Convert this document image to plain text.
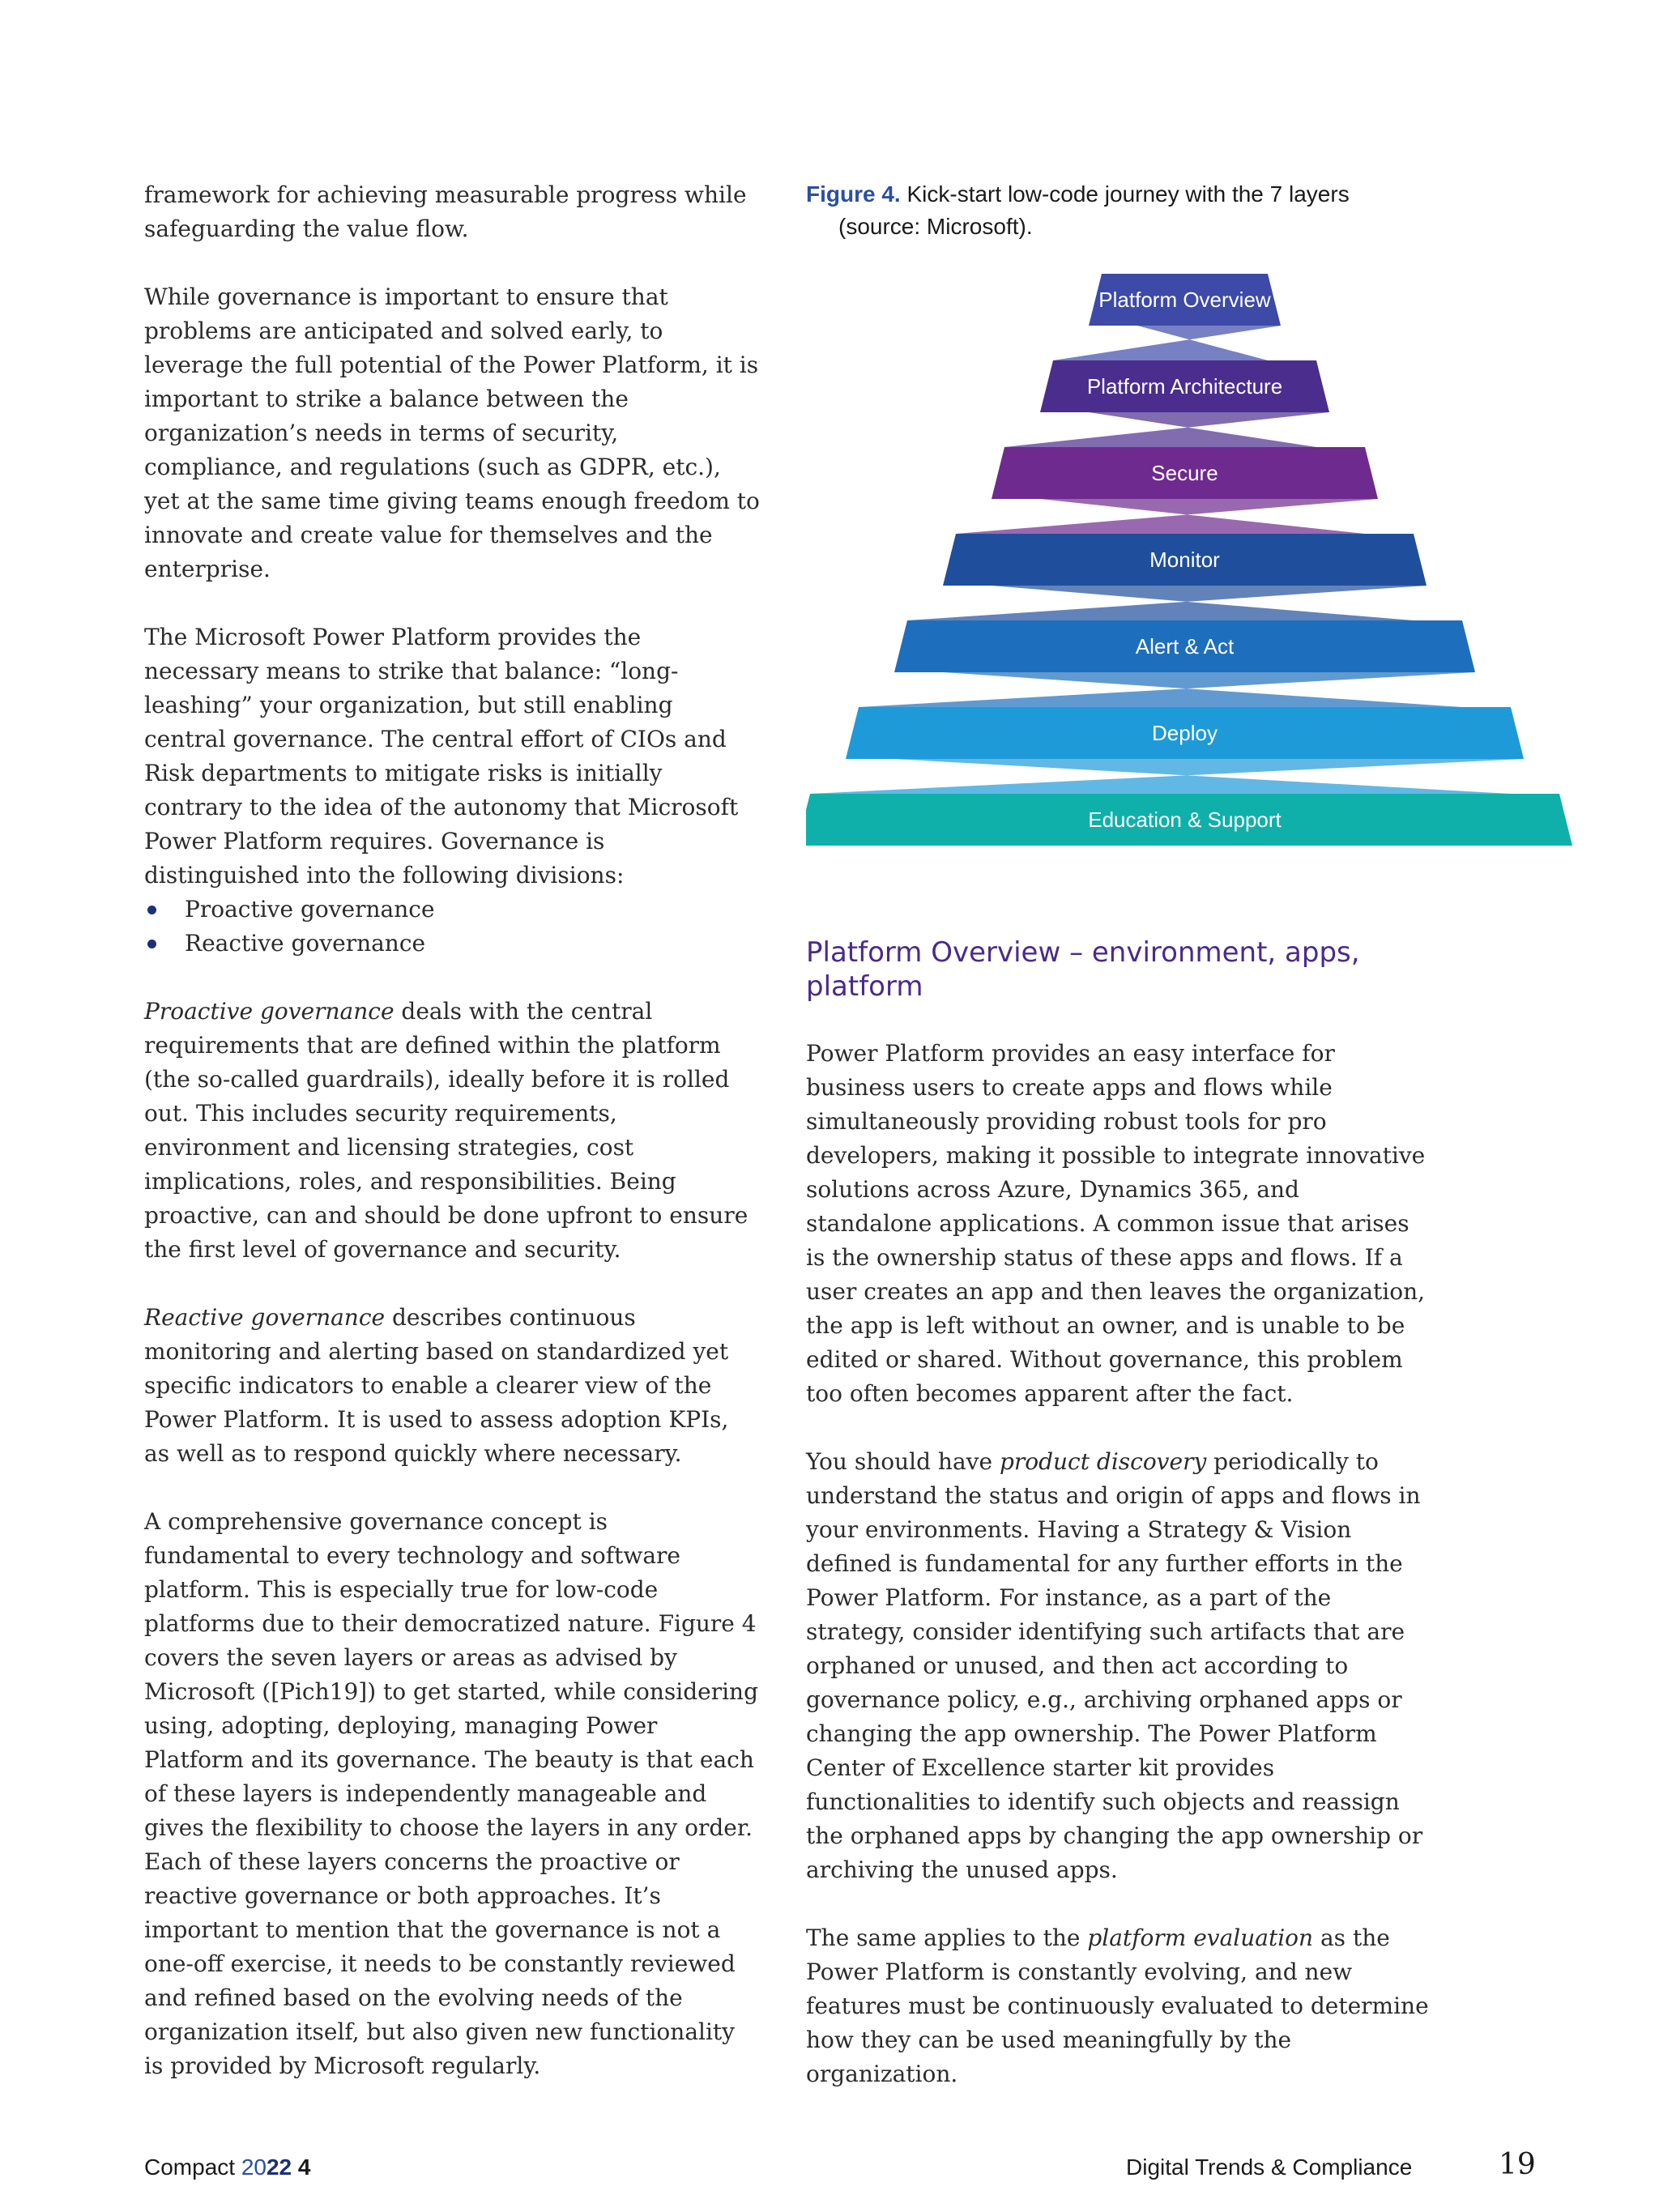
framework for achieving measurable progress while safeguarding the value flow.

While governance is important to ensure that problems are anticipated and solved early, to leverage the full potential of the Power Platform, it is important to strike a balance between the organization’s needs in terms of security, compliance, and regulations (such as GDPR, etc.), yet at the same time giving teams enough freedom to innovate and create value for themselves and the enterprise.

The Microsoft Power Platform provides the necessary means to strike that balance: “long-leashing” your organization, but still enabling central governance. The central effort of CIOs and Risk departments to mitigate risks is initially contrary to the idea of the autonomy that Microsoft Power Platform requires. Governance is distinguished into the following divisions:

Proactive governance
Reactive governance

Proactive governance deals with the central requirements that are defined within the platform (the so-called guardrails), ideally before it is rolled out. This includes security requirements, environment and licensing strategies, cost implications, roles, and responsibilities. Being proactive, can and should be done upfront to ensure the first level of governance and security.

Reactive governance describes continuous monitoring and alerting based on standardized yet specific indicators to enable a clearer view of the Power Platform. It is used to assess adoption KPIs, as well as to respond quickly where necessary.

A comprehensive governance concept is fundamental to every technology and software platform. This is especially true for low-code platforms due to their democratized nature. Figure 4 covers the seven layers or areas as advised by Microsoft ([Pich19]) to get started, while considering using, adopting, deploying, managing Power Platform and its governance. The beauty is that each of these layers is independently manageable and gives the flexibility to choose the layers in any order. Each of these layers concerns the proactive or reactive governance or both approaches. It’s important to mention that the governance is not a one-off exercise, it needs to be constantly reviewed and refined based on the evolving needs of the organization itself, but also given new functionality is provided by Microsoft regularly.

Figure 4. Kick-start low-code journey with the 7 layers
(source: Microsoft).
Platform Overview
Platform Architecture
Secure
Monitor
Alert & Act
Deploy
Education & Support
Platform Overview – environment, apps, platform

Power Platform provides an easy interface for business users to create apps and flows while simultaneously providing robust tools for pro developers, making it possible to integrate innovative solutions across Azure, Dynamics 365, and standalone applications. A common issue that arises is the ownership status of these apps and flows. If a user creates an app and then leaves the organization, the app is left without an owner, and is unable to be edited or shared. Without governance, this problem too often becomes apparent after the fact.

You should have product discovery periodically to understand the status and origin of apps and flows in your environments. Having a Strategy & Vision defined is fundamental for any further efforts in the Power Platform. For instance, as a part of the strategy, consider identifying such artifacts that are orphaned or unused, and then act according to governance policy, e.g., archiving orphaned apps or changing the app ownership. The Power Platform Center of Excellence starter kit provides functionalities to identify such objects and reassign the orphaned apps by changing the app ownership or archiving the unused apps.

The same applies to the platform evaluation as the Power Platform is constantly evolving, and new features must be continuously evaluated to determine how they can be used meaningfully by the organization.

Compact 2022 4	Digital Trends & Compliance	19
